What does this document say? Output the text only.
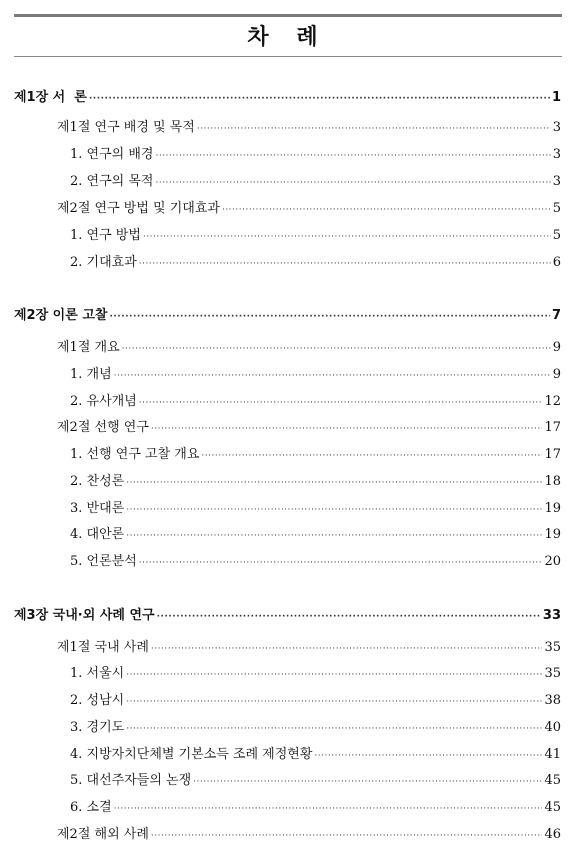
차 례
제1장 서  론 ·····	1
제1절 연구 배경 및 목적 ·····	3
1. 연구의 배경 ·····	3
2. 연구의 목적 ·····	3
제2절 연구 방법 및 기대효과 ·····	5
1. 연구 방법 ·····	5
2. 기대효과 ·····	6
제2장 이론 고찰 ·····	7
제1절 개요 ·····	9
1. 개념 ·····	9
2. 유사개념 ·····	12
제2절 선행 연구 ·····	17
1. 선행 연구 고찰 개요 ·····	17
2. 찬성론 ·····	18
3. 반대론 ·····	19
4. 대안론 ·····	19
5. 언론분석 ·····	20
제3장 국내·외 사례 연구 ·····	33
제1절 국내 사례 ·····	35
1. 서울시 ·····	35
2. 성남시 ·····	38
3. 경기도 ·····	40
4. 지방자치단체별 기본소득 조례 제정현황 ·····	41
5. 대선주자들의 논쟁 ·····	45
6. 소결 ·····	45
제2절 해외 사례 ·····	46
